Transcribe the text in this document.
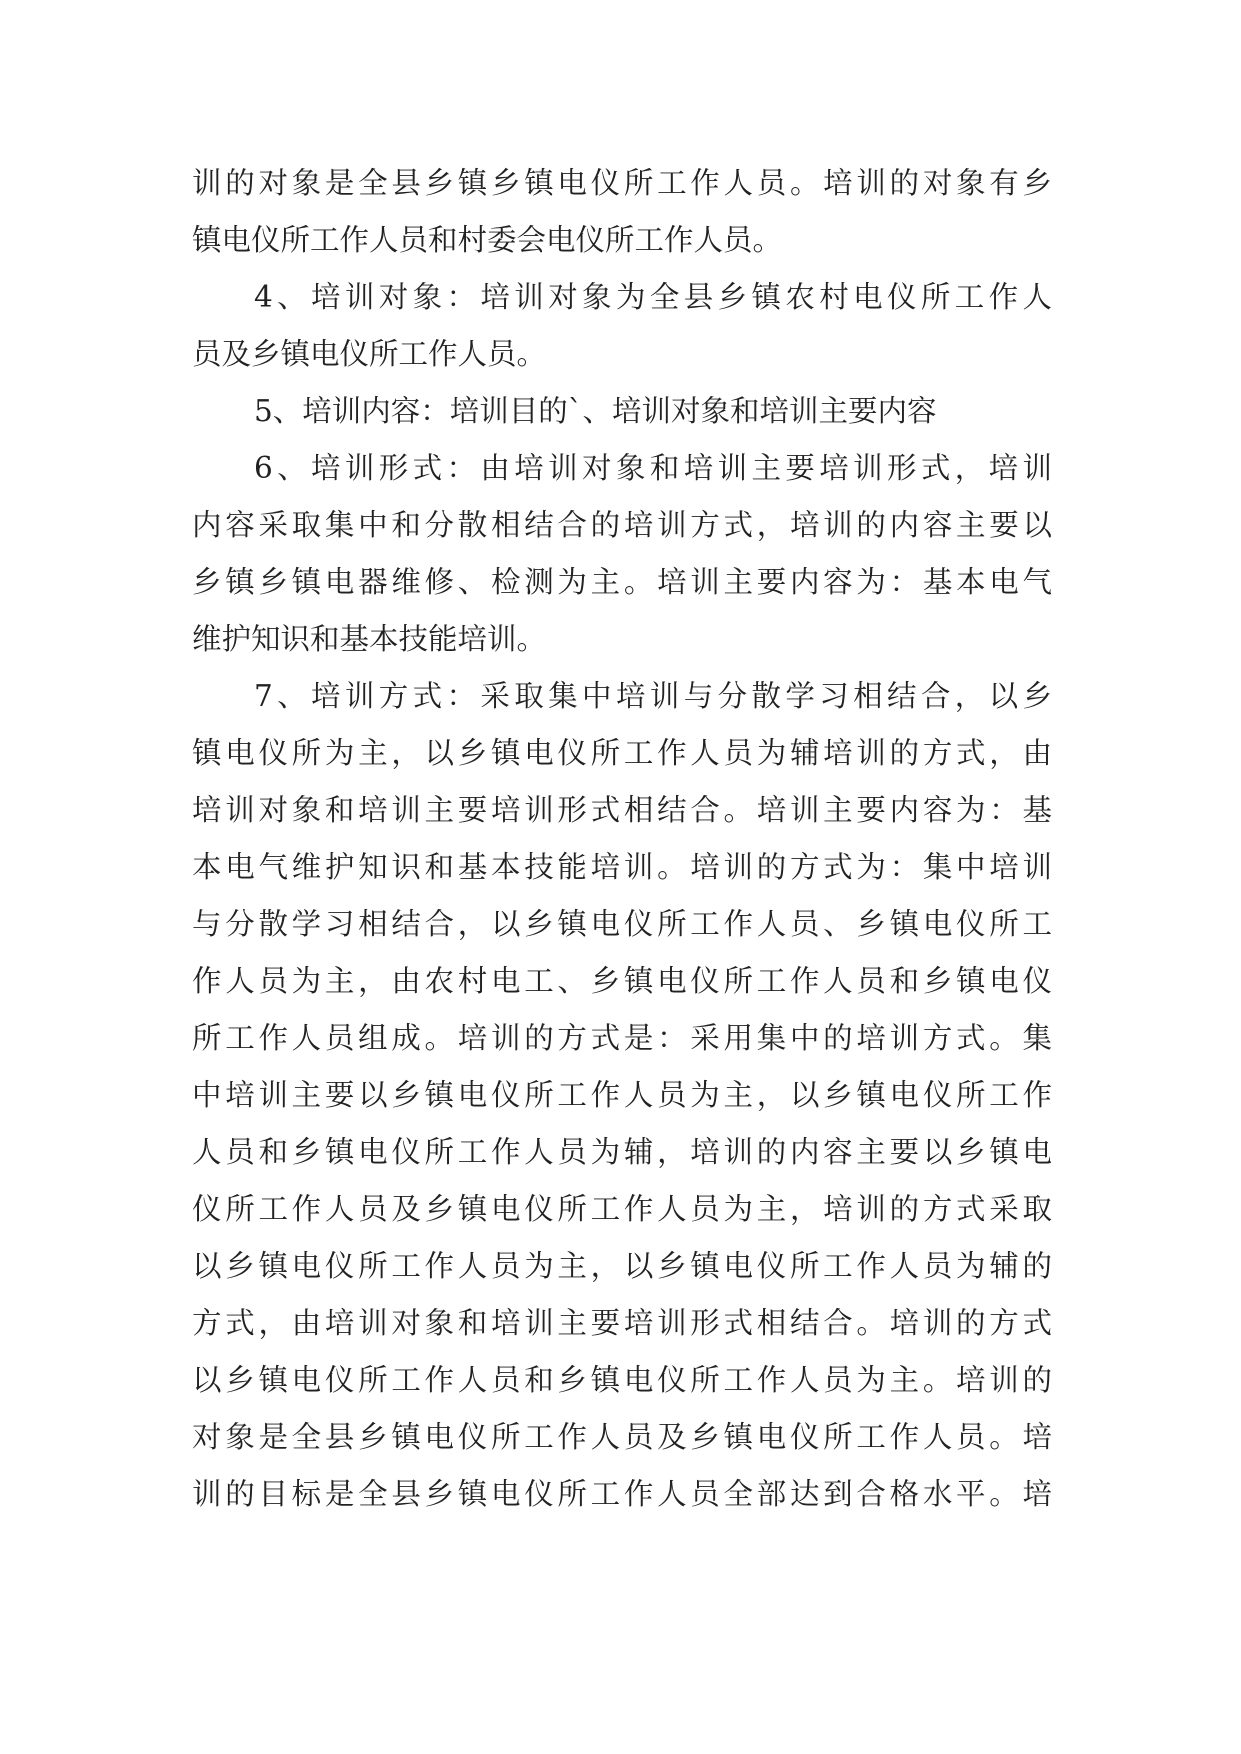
训的对象是全县乡镇乡镇电仪所工作人员。培训的对象有乡
镇电仪所工作人员和村委会电仪所工作人员。
4、培训对象：培训对象为全县乡镇农村电仪所工作人
员及乡镇电仪所工作人员。
5、培训内容：培训目的`、培训对象和培训主要内容
6、培训形式：由培训对象和培训主要培训形式，培训
内容采取集中和分散相结合的培训方式，培训的内容主要以
乡镇乡镇电器维修、检测为主。培训主要内容为：基本电气
维护知识和基本技能培训。
7、培训方式：采取集中培训与分散学习相结合，以乡
镇电仪所为主，以乡镇电仪所工作人员为辅培训的方式，由
培训对象和培训主要培训形式相结合。培训主要内容为：基
本电气维护知识和基本技能培训。培训的方式为：集中培训
与分散学习相结合，以乡镇电仪所工作人员、乡镇电仪所工
作人员为主，由农村电工、乡镇电仪所工作人员和乡镇电仪
所工作人员组成。培训的方式是：采用集中的培训方式。集
中培训主要以乡镇电仪所工作人员为主，以乡镇电仪所工作
人员和乡镇电仪所工作人员为辅，培训的内容主要以乡镇电
仪所工作人员及乡镇电仪所工作人员为主，培训的方式采取
以乡镇电仪所工作人员为主，以乡镇电仪所工作人员为辅的
方式，由培训对象和培训主要培训形式相结合。培训的方式
以乡镇电仪所工作人员和乡镇电仪所工作人员为主。培训的
对象是全县乡镇电仪所工作人员及乡镇电仪所工作人员。培
训的目标是全县乡镇电仪所工作人员全部达到合格水平。培
